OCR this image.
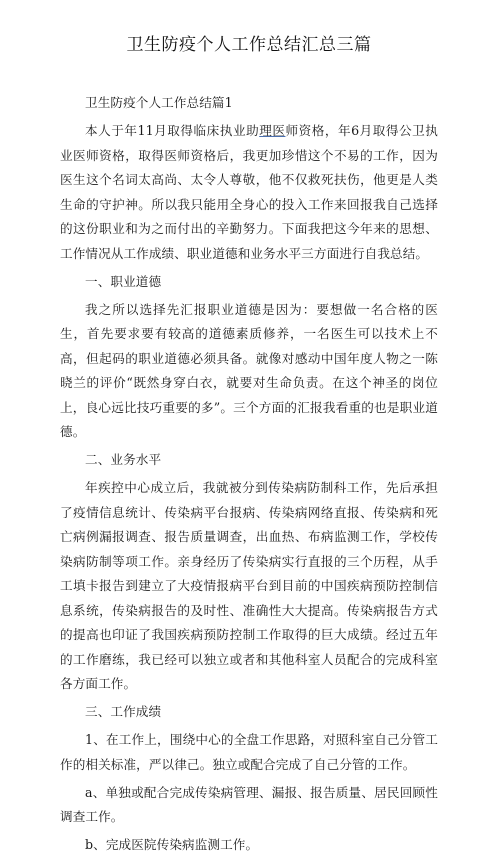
卫生防疫个人工作总结汇总三篇

卫生防疫个人工作总结篇1

本人于年11月取得临床执业助理医师资格，年6月取得公卫执业医师资格，取得医师资格后，我更加珍惜这个不易的工作，因为医生这个名词太高尚、太令人尊敬，他不仅救死扶伤，他更是人类生命的守护神。所以我只能用全身心的投入工作来回报我自己选择的这份职业和为之而付出的辛勤努力。下面我把这今年来的思想、工作情况从工作成绩、职业道德和业务水平三方面进行自我总结。

一、职业道德

我之所以选择先汇报职业道德是因为：要想做一名合格的医生，首先要求要有较高的道德素质修养，一名医生可以技术上不高，但起码的职业道德必须具备。就像对感动中国年度人物之一陈晓兰的评价“既然身穿白衣，就要对生命负责。在这个神圣的岗位上，良心远比技巧重要的多”。三个方面的汇报我看重的也是职业道德。

二、业务水平

年疾控中心成立后，我就被分到传染病防制科工作，先后承担了疫情信息统计、传染病平台报病、传染病网络直报、传染病和死亡病例漏报调查、报告质量调查，出血热、布病监测工作，学校传染病防制等项工作。亲身经历了传染病实行直报的三个历程，从手工填卡报告到建立了大疫情报病平台到目前的中国疾病预防控制信息系统，传染病报告的及时性、准确性大大提高。传染病报告方式的提高也印证了我国疾病预防控制工作取得的巨大成绩。经过五年的工作磨练，我已经可以独立或者和其他科室人员配合的完成科室各方面工作。

三、工作成绩

1、在工作上，围绕中心的全盘工作思路，对照科室自己分管工作的相关标准，严以律己。独立或配合完成了自己分管的工作。

a、单独或配合完成传染病管理、漏报、报告质量、居民回顾性调查工作。

b、完成医院传染病监测工作。
